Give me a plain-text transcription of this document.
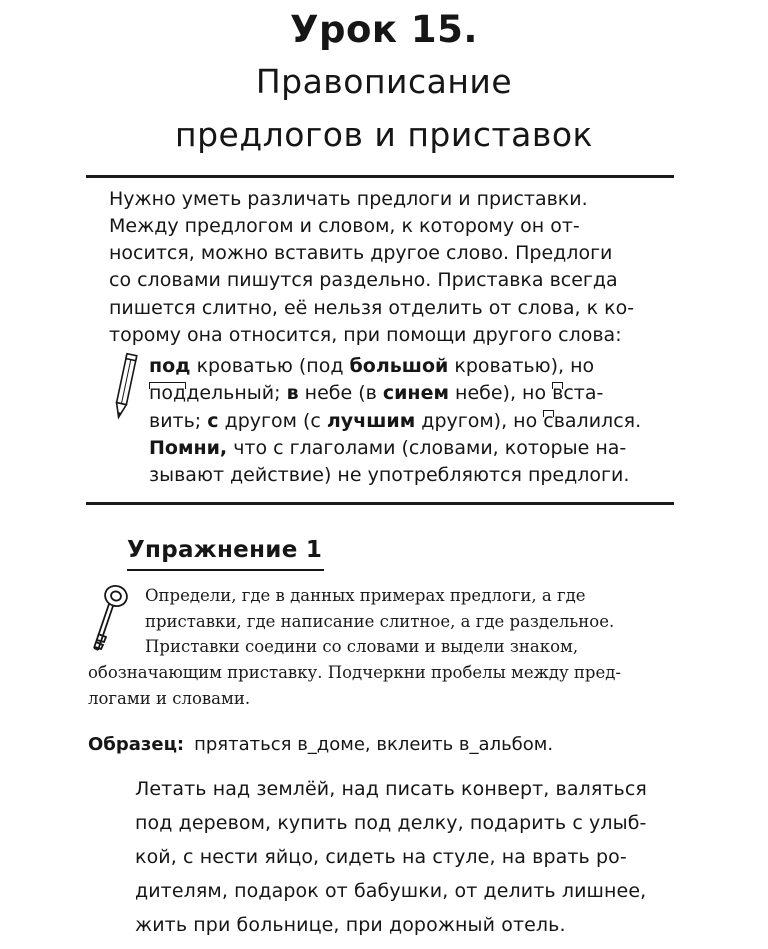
Урок 15.
Правописание
предлогов и приставок
Нужно уметь различать предлоги и приставки.
Между предлогом и словом, к которому он от-
носится, можно вставить другое слово. Предлоги
со словами пишутся раздельно. Приставка всегда
пишется слитно, её нельзя отделить от слова, к ко-
торому она относится, при помощи другого слова:
под кроватью (под большой кроватью), но
поддельный; в небе (в синем небе), но вста-
вить; с другом (с лучшим другом), но свалился.
Помни, что с глаголами (словами, которые на-
зывают действие) не употребляются предлоги.
Упражнение 1
Определи, где в данных примерах предлоги, а где
приставки, где написание слитное, а где раздельное.
Приставки соедини со словами и выдели знаком,
обозначающим приставку. Подчеркни пробелы между пред-
логами и словами.
Образец: прятаться в_доме, вклеить в_альбом.
Летать над землёй, над писать конверт, валяться
под деревом, купить под делку, подарить с улыб-
кой, с нести яйцо, сидеть на стуле, на врать ро-
дителям, подарок от бабушки, от делить лишнее,
жить при больнице, при дорожный отель.
